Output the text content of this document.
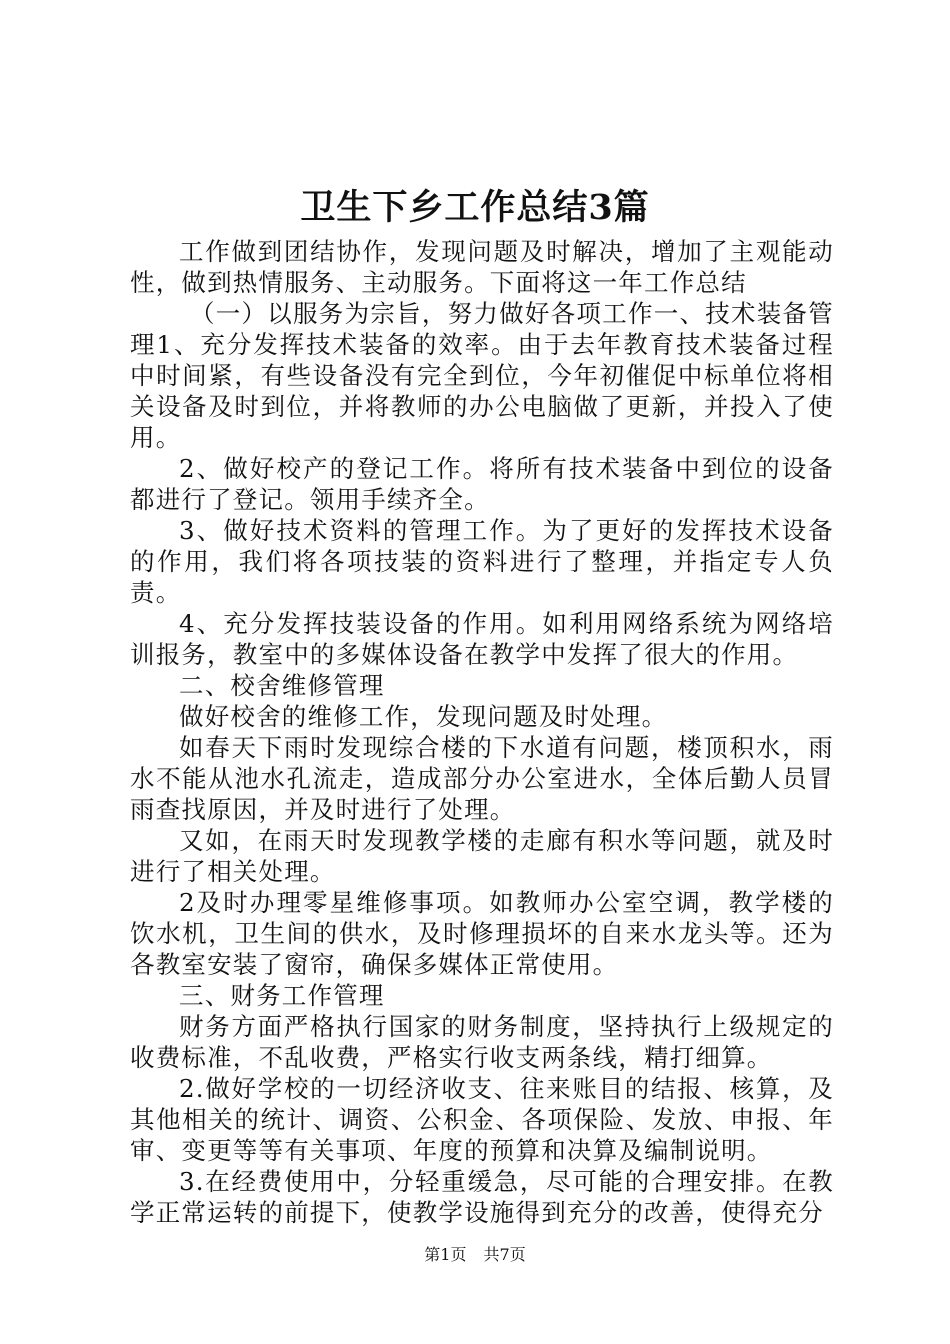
卫生下乡工作总结3篇

工作做到团结协作，发现问题及时解决，增加了主观能动性，做到热情服务、主动服务。下面将这一年工作总结

（一）以服务为宗旨，努力做好各项工作一、技术装备管理1、充分发挥技术装备的效率。由于去年教育技术装备过程中时间紧，有些设备没有完全到位，今年初催促中标单位将相关设备及时到位，并将教师的办公电脑做了更新，并投入了使用。

2、做好校产的登记工作。将所有技术装备中到位的设备都进行了登记。领用手续齐全。

3、做好技术资料的管理工作。为了更好的发挥技术设备的作用，我们将各项技装的资料进行了整理，并指定专人负责。

4、充分发挥技装设备的作用。如利用网络系统为网络培训报务，教室中的多媒体设备在教学中发挥了很大的作用。

二、校舍维修管理

做好校舍的维修工作，发现问题及时处理。

如春天下雨时发现综合楼的下水道有问题，楼顶积水，雨水不能从池水孔流走，造成部分办公室进水，全体后勤人员冒雨查找原因，并及时进行了处理。

又如，在雨天时发现教学楼的走廊有积水等问题，就及时进行了相关处理。

2及时办理零星维修事项。如教师办公室空调，教学楼的饮水机，卫生间的供水，及时修理损坏的自来水龙头等。还为各教室安装了窗帘，确保多媒体正常使用。

三、财务工作管理

财务方面严格执行国家的财务制度，坚持执行上级规定的收费标准，不乱收费，严格实行收支两条线，精打细算。

2.做好学校的一切经济收支、往来账目的结报、核算，及其他相关的统计、调资、公积金、各项保险、发放、申报、年审、变更等等有关事项、年度的预算和决算及编制说明。

3.在经费使用中，分轻重缓急，尽可能的合理安排。在教学正常运转的前提下，使教学设施得到充分的改善，使得充分

第1页 共7页
